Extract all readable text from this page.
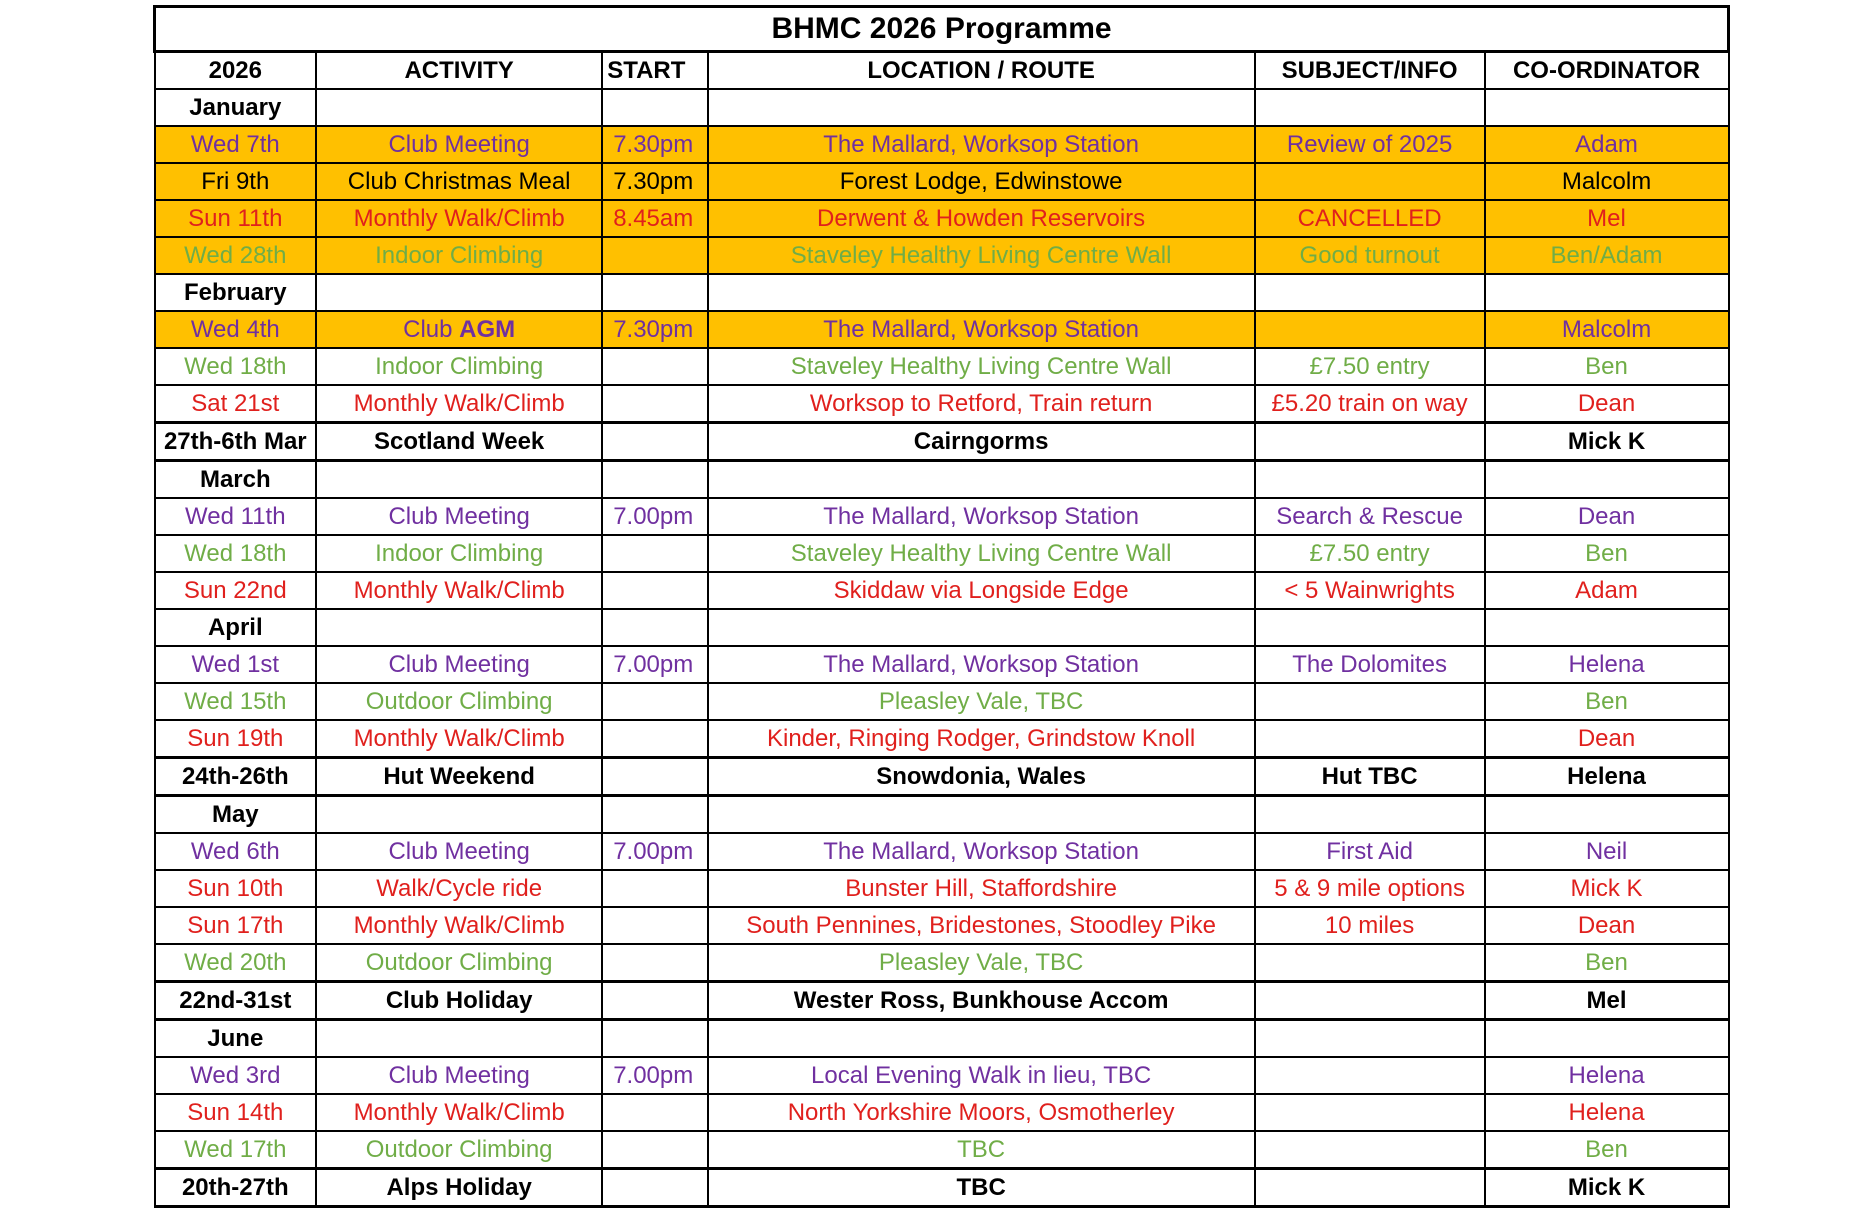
BHMC 2026 Programme					
2026	ACTIVITY	START	LOCATION / ROUTE	SUBJECT/INFO	CO-ORDINATOR
January					
Wed 7th	Club Meeting	7.30pm	The Mallard, Worksop Station	Review of 2025	Adam
Fri 9th	Club Christmas Meal	7.30pm	Forest Lodge, Edwinstowe		Malcolm
Sun 11th	Monthly Walk/Climb	8.45am	Derwent & Howden Reservoirs	CANCELLED	Mel
Wed 28th	Indoor Climbing		Staveley Healthy Living Centre Wall	Good turnout	Ben/Adam
February					
Wed 4th	Club AGM	7.30pm	The Mallard, Worksop Station		Malcolm
Wed 18th	Indoor Climbing		Staveley Healthy Living Centre Wall	£7.50 entry	Ben
Sat 21st	Monthly Walk/Climb		Worksop to Retford, Train return	£5.20 train on way	Dean
27th-6th Mar	Scotland Week		Cairngorms		Mick K
March					
Wed 11th	Club Meeting	7.00pm	The Mallard, Worksop Station	Search & Rescue	Dean
Wed 18th	Indoor Climbing		Staveley Healthy Living Centre Wall	£7.50 entry	Ben
Sun 22nd	Monthly Walk/Climb		Skiddaw via Longside Edge	< 5 Wainwrights	Adam
April					
Wed 1st	Club Meeting	7.00pm	The Mallard, Worksop Station	The Dolomites	Helena
Wed 15th	Outdoor Climbing		Pleasley Vale, TBC		Ben
Sun 19th	Monthly Walk/Climb		Kinder, Ringing Rodger, Grindstow Knoll		Dean
24th-26th	Hut Weekend		Snowdonia, Wales	Hut TBC	Helena
May					
Wed 6th	Club Meeting	7.00pm	The Mallard, Worksop Station	First Aid	Neil
Sun 10th	Walk/Cycle ride		Bunster Hill, Staffordshire	5 & 9 mile options	Mick K
Sun 17th	Monthly Walk/Climb		South Pennines, Bridestones, Stoodley Pike	10 miles	Dean
Wed 20th	Outdoor Climbing		Pleasley Vale, TBC		Ben
22nd-31st	Club Holiday		Wester Ross, Bunkhouse Accom		Mel
June					
Wed 3rd	Club Meeting	7.00pm	Local Evening Walk in lieu, TBC		Helena
Sun 14th	Monthly Walk/Climb		North Yorkshire Moors, Osmotherley		Helena
Wed 17th	Outdoor Climbing		TBC		Ben
20th-27th	Alps Holiday		TBC		Mick K
